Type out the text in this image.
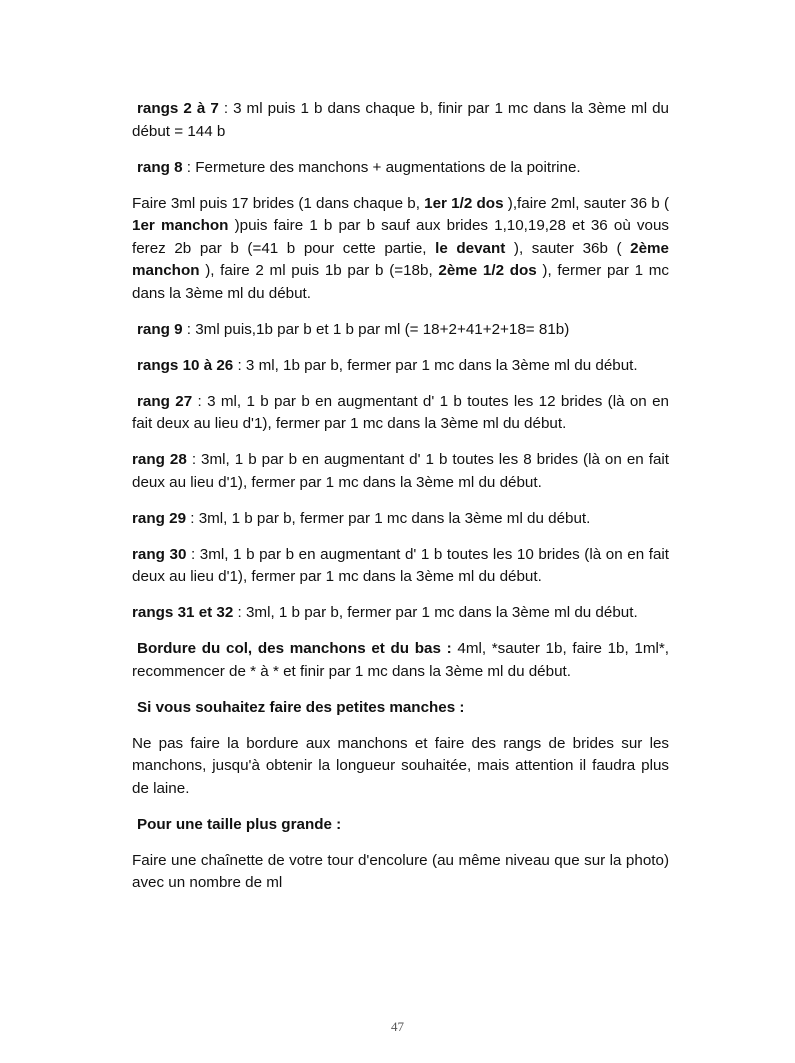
rangs 2 à 7 : 3 ml puis 1 b dans chaque b, finir par 1 mc dans la 3ème ml du début = 144 b

rang 8 : Fermeture des manchons + augmentations de la poitrine.

Faire 3ml puis 17 brides (1 dans chaque b, 1er 1/2 dos ),faire 2ml, sauter 36 b ( 1er manchon )puis faire 1 b par b sauf aux brides 1,10,19,28 et 36 où vous ferez 2b par b (=41 b pour cette partie, le devant ), sauter 36b ( 2ème manchon ), faire 2 ml puis 1b par b (=18b, 2ème 1/2 dos ), fermer par 1 mc dans la 3ème ml du début.

rang 9 : 3ml puis,1b par b et 1 b par ml (= 18+2+41+2+18= 81b)

rangs 10 à 26 : 3 ml, 1b par b, fermer par 1 mc dans la 3ème ml du début.

rang 27 : 3 ml, 1 b par b en augmentant d' 1 b toutes les 12 brides (là on en fait deux au lieu d'1), fermer par 1 mc dans la 3ème ml du début.

rang 28 : 3ml, 1 b par b en augmentant d' 1 b toutes les 8 brides (là on en fait deux au lieu d'1), fermer par 1 mc dans la 3ème ml du début.

rang 29 : 3ml, 1 b par b, fermer par 1 mc dans la 3ème ml du début.

rang 30 : 3ml, 1 b par b en augmentant d' 1 b toutes les 10 brides (là on en fait deux au lieu d'1), fermer par 1 mc dans la 3ème ml du début.

rangs 31 et 32 : 3ml, 1 b par b, fermer par 1 mc dans la 3ème ml du début.

Bordure du col, des manchons et du bas : 4ml, *sauter 1b, faire 1b, 1ml*, recommencer de * à * et finir par 1 mc dans la 3ème ml du début.

Si vous souhaitez faire des petites manches :

Ne pas faire la bordure aux manchons et faire des rangs de brides sur les manchons, jusqu'à obtenir la longueur souhaitée, mais attention il faudra plus de laine.

Pour une taille plus grande :

Faire une chaînette de votre tour d'encolure (au même niveau que sur la photo) avec un nombre de ml

47
